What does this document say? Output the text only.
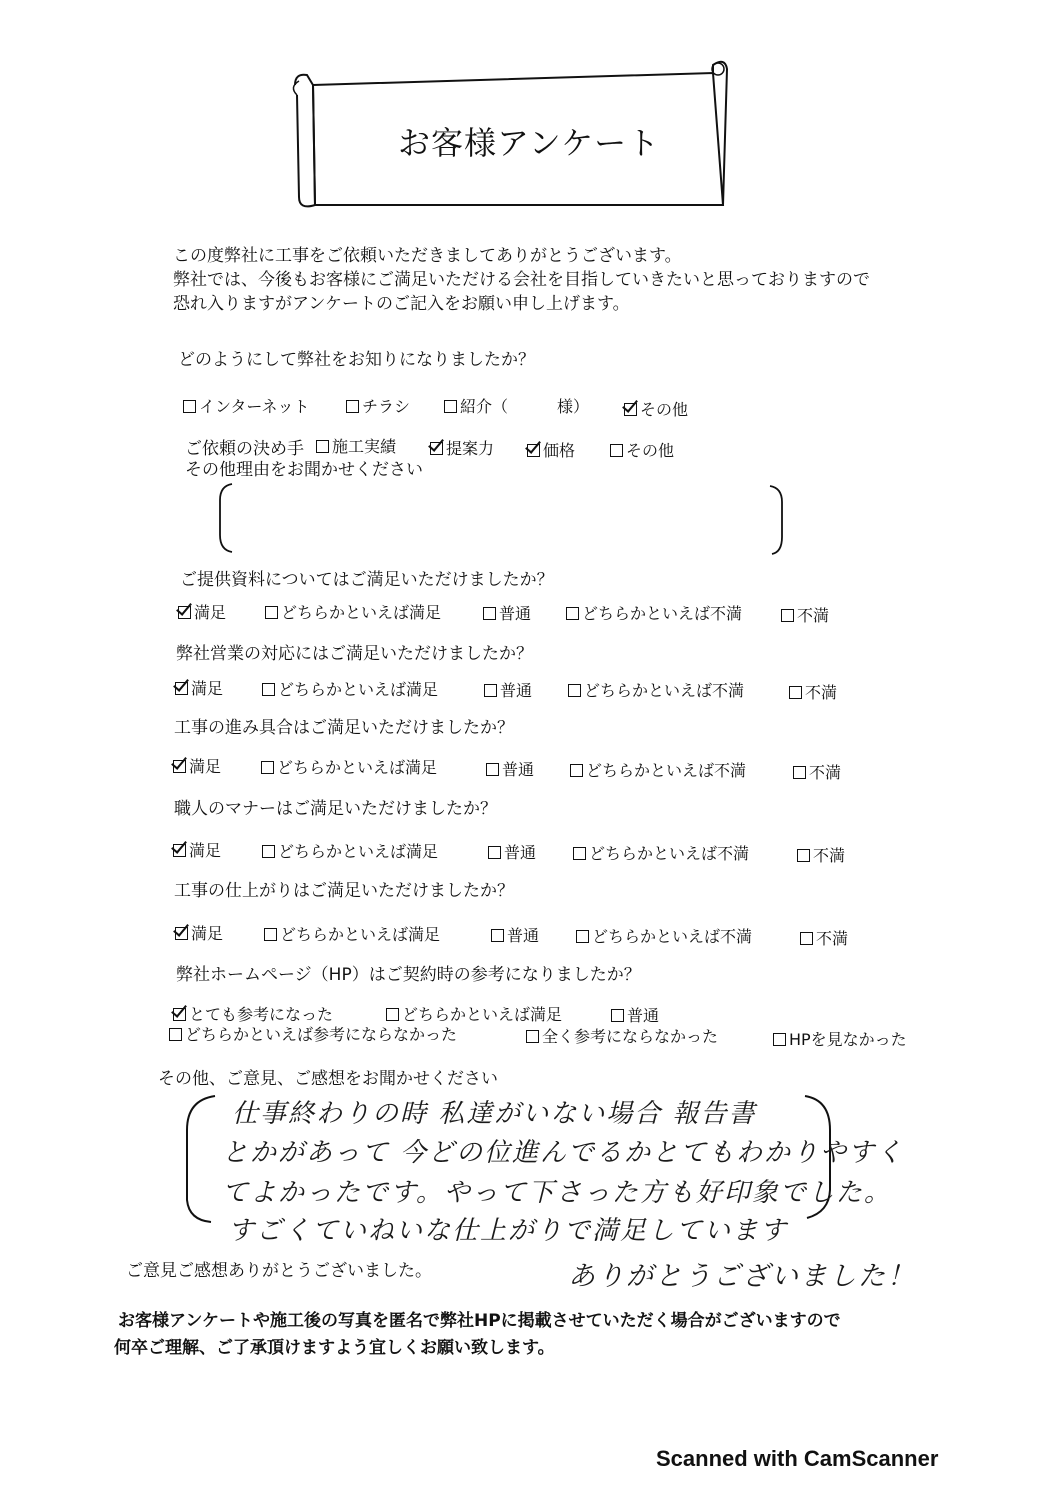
お客様アンケート
この度弊社に工事をご依頼いただきましてありがとうございます。
弊社では、今後もお客様にご満足いただける会社を目指していきたいと思っておりますので
恐れ入りますがアンケートのご記入をお願い申し上げます。
どのようにして弊社をお知りになりましたか？
インターネット	チラシ	紹介（	様）	その他
ご依頼の決め手	施工実績	提案力	価格	その他
その他理由をお聞かせください
ご提供資料についてはご満足いただけましたか？
満足	どちらかといえば満足	普通	どちらかといえば不満	不満
弊社営業の対応にはご満足いただけましたか？
満足	どちらかといえば満足	普通	どちらかといえば不満	不満
工事の進み具合はご満足いただけましたか？
満足	どちらかといえば満足	普通	どちらかといえば不満	不満
職人のマナーはご満足いただけましたか？
満足	どちらかといえば満足	普通	どちらかといえば不満	不満
工事の仕上がりはご満足いただけましたか？
満足	どちらかといえば満足	普通	どちらかといえば不満	不満
弊社ホームページ（HP）はご契約時の参考になりましたか？
とても参考になった	どちらかといえば満足	普通
どちらかといえば参考にならなかった	全く参考にならなかった	HPを見なかった
その他、ご意見、ご感想をお聞かせください
仕事終わりの時 私達がいない場合 報告書
とかがあって 今どの位進んでるかとてもわかりやすく
てよかったです。やって下さった方も好印象でした。
すごくていねいな仕上がりで満足しています
ご意見ご感想ありがとうございました。	ありがとうございました！
お客様アンケートや施工後の写真を匿名で弊社HPに掲載させていただく場合がございますので
何卒ご理解、ご了承頂けますよう宜しくお願い致します。
Scanned with CamScanner
